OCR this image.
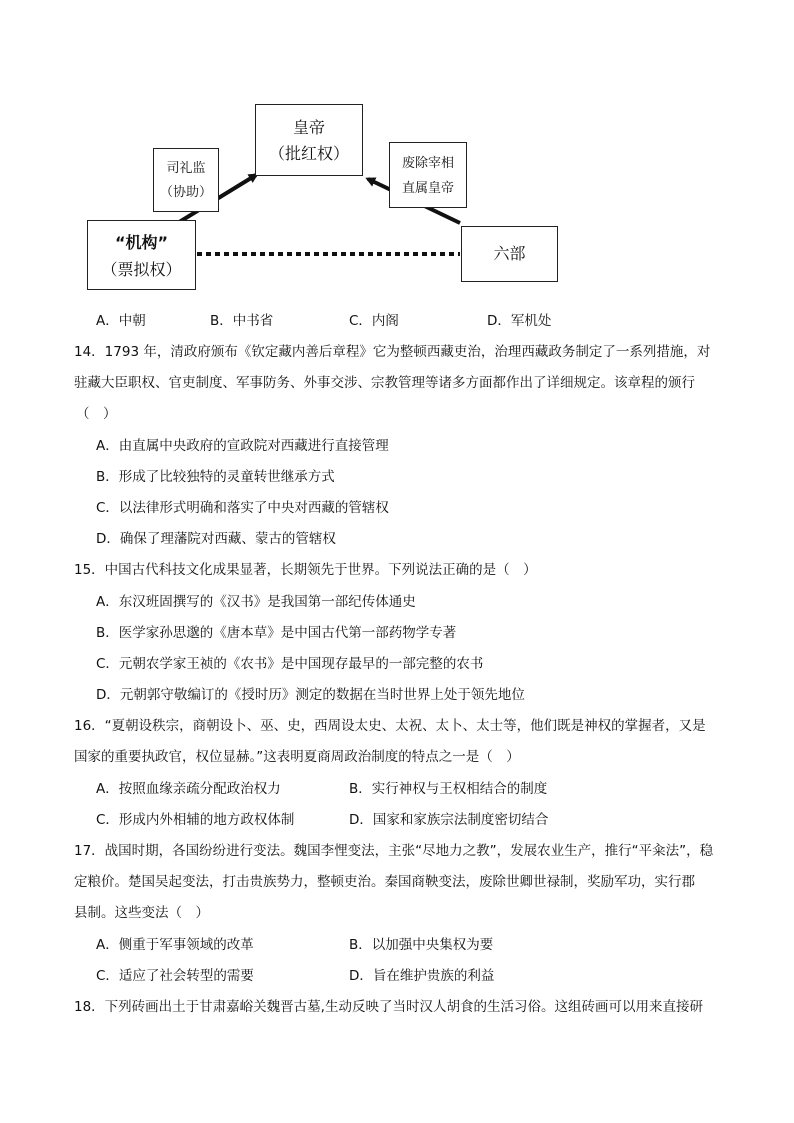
皇帝
（批红权）
司礼监
（协助）
废除宰相
直属皇帝
“机构”
（票拟权）
六部
A．中朝	B．中书省	C．内阁	D．军机处
14．1793 年，清政府颁布《钦定藏内善后章程》它为整顿西藏吏治，治理西藏政务制定了一系列措施，对
驻藏大臣职权、官吏制度、军事防务、外事交涉、宗教管理等诸多方面都作出了详细规定。该章程的颁行
（　）
A．由直属中央政府的宣政院对西藏进行直接管理
B．形成了比较独特的灵童转世继承方式
C．以法律形式明确和落实了中央对西藏的管辖权
D．确保了理藩院对西藏、蒙古的管辖权
15．中国古代科技文化成果显著，长期领先于世界。下列说法正确的是（　）
A．东汉班固撰写的《汉书》是我国第一部纪传体通史
B．医学家孙思邈的《唐本草》是中国古代第一部药物学专著
C．元朝农学家王祯的《农书》是中国现存最早的一部完整的农书
D．元朝郭守敬编订的《授时历》测定的数据在当时世界上处于领先地位
16．“夏朝设秩宗，商朝设卜、巫、史，西周设太史、太祝、太卜、太士等，他们既是神权的掌握者，又是
国家的重要执政官，权位显赫。”这表明夏商周政治制度的特点之一是（　）
A．按照血缘亲疏分配政治权力	B．实行神权与王权相结合的制度
C．形成内外相辅的地方政权体制	D．国家和家族宗法制度密切结合
17．战国时期，各国纷纷进行变法。魏国李悝变法，主张“尽地力之教”，发展农业生产，推行“平籴法”，稳
定粮价。楚国吴起变法，打击贵族势力，整顿吏治。秦国商鞅变法，废除世卿世禄制，奖励军功，实行郡
县制。这些变法（　）
A．侧重于军事领域的改革	B．以加强中央集权为要
C．适应了社会转型的需要	D．旨在维护贵族的利益
18．下列砖画出土于甘肃嘉峪关魏晋古墓,生动反映了当时汉人胡食的生活习俗。这组砖画可以用来直接研
